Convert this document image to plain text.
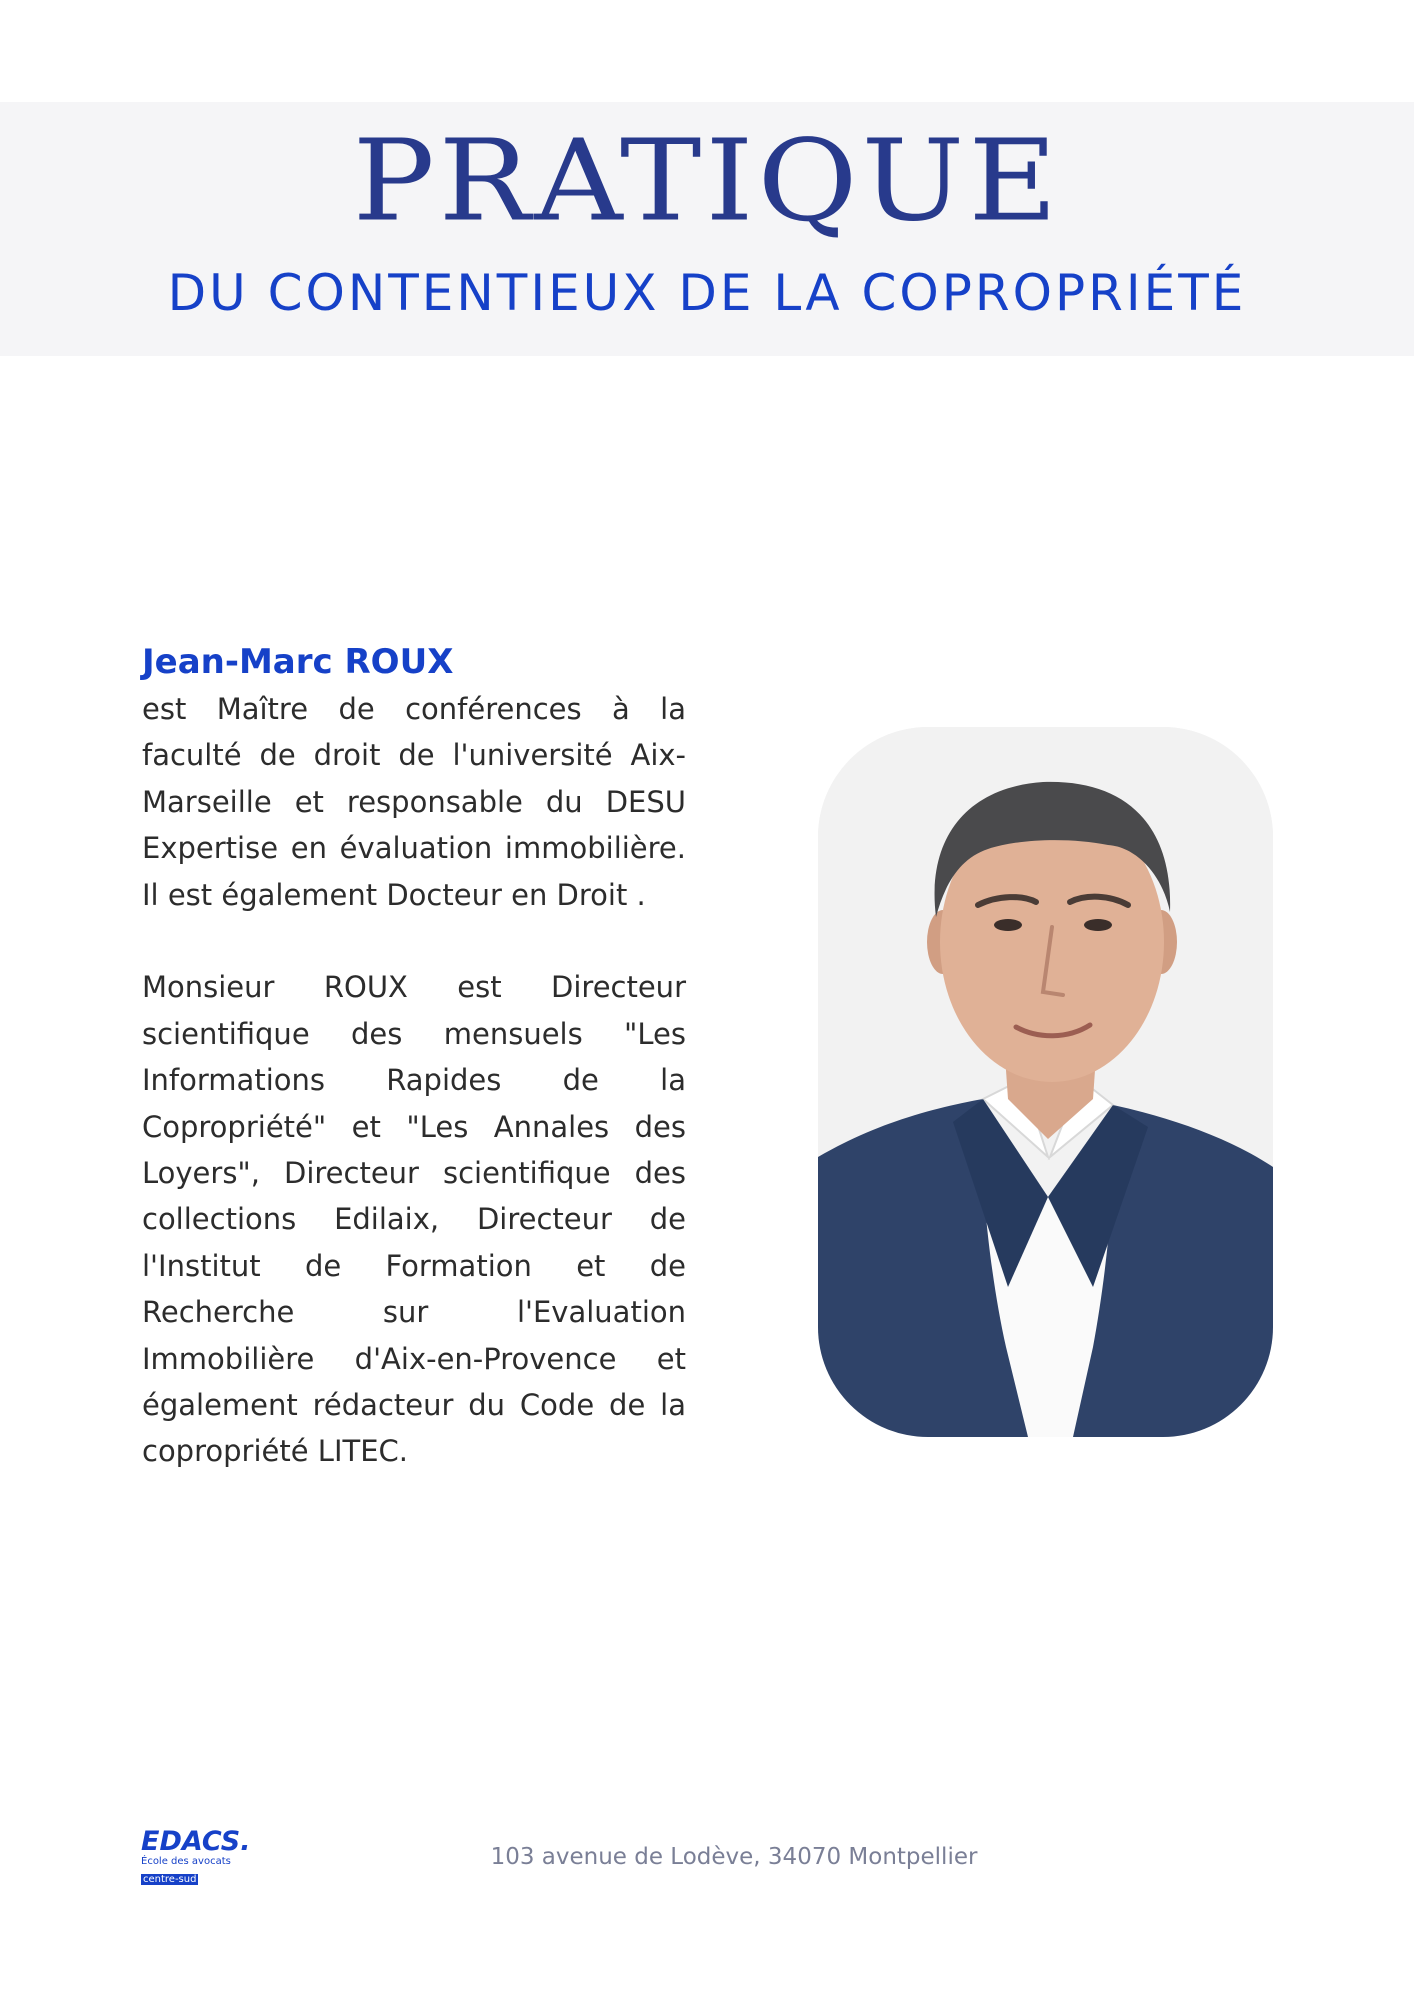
PRATIQUE
DU CONTENTIEUX DE LA COPROPRIÉTÉ

Jean-Marc ROUX

est Maître de conférences à la faculté de droit de l'université Aix-Marseille et responsable du DESU Expertise en évaluation immobilière. Il est également Docteur en Droit .

Monsieur ROUX est Directeur scientifique des mensuels "Les Informations Rapides de la Copropriété" et "Les Annales des Loyers", Directeur scientifique des collections Edilaix, Directeur de l'Institut de Formation et de Recherche sur l'Evaluation Immobilière d'Aix-en-Provence et également rédacteur du Code de la copropriété LITEC.

EDACS.
École des avocats
centre-sud
103 avenue de Lodève, 34070 Montpellier
